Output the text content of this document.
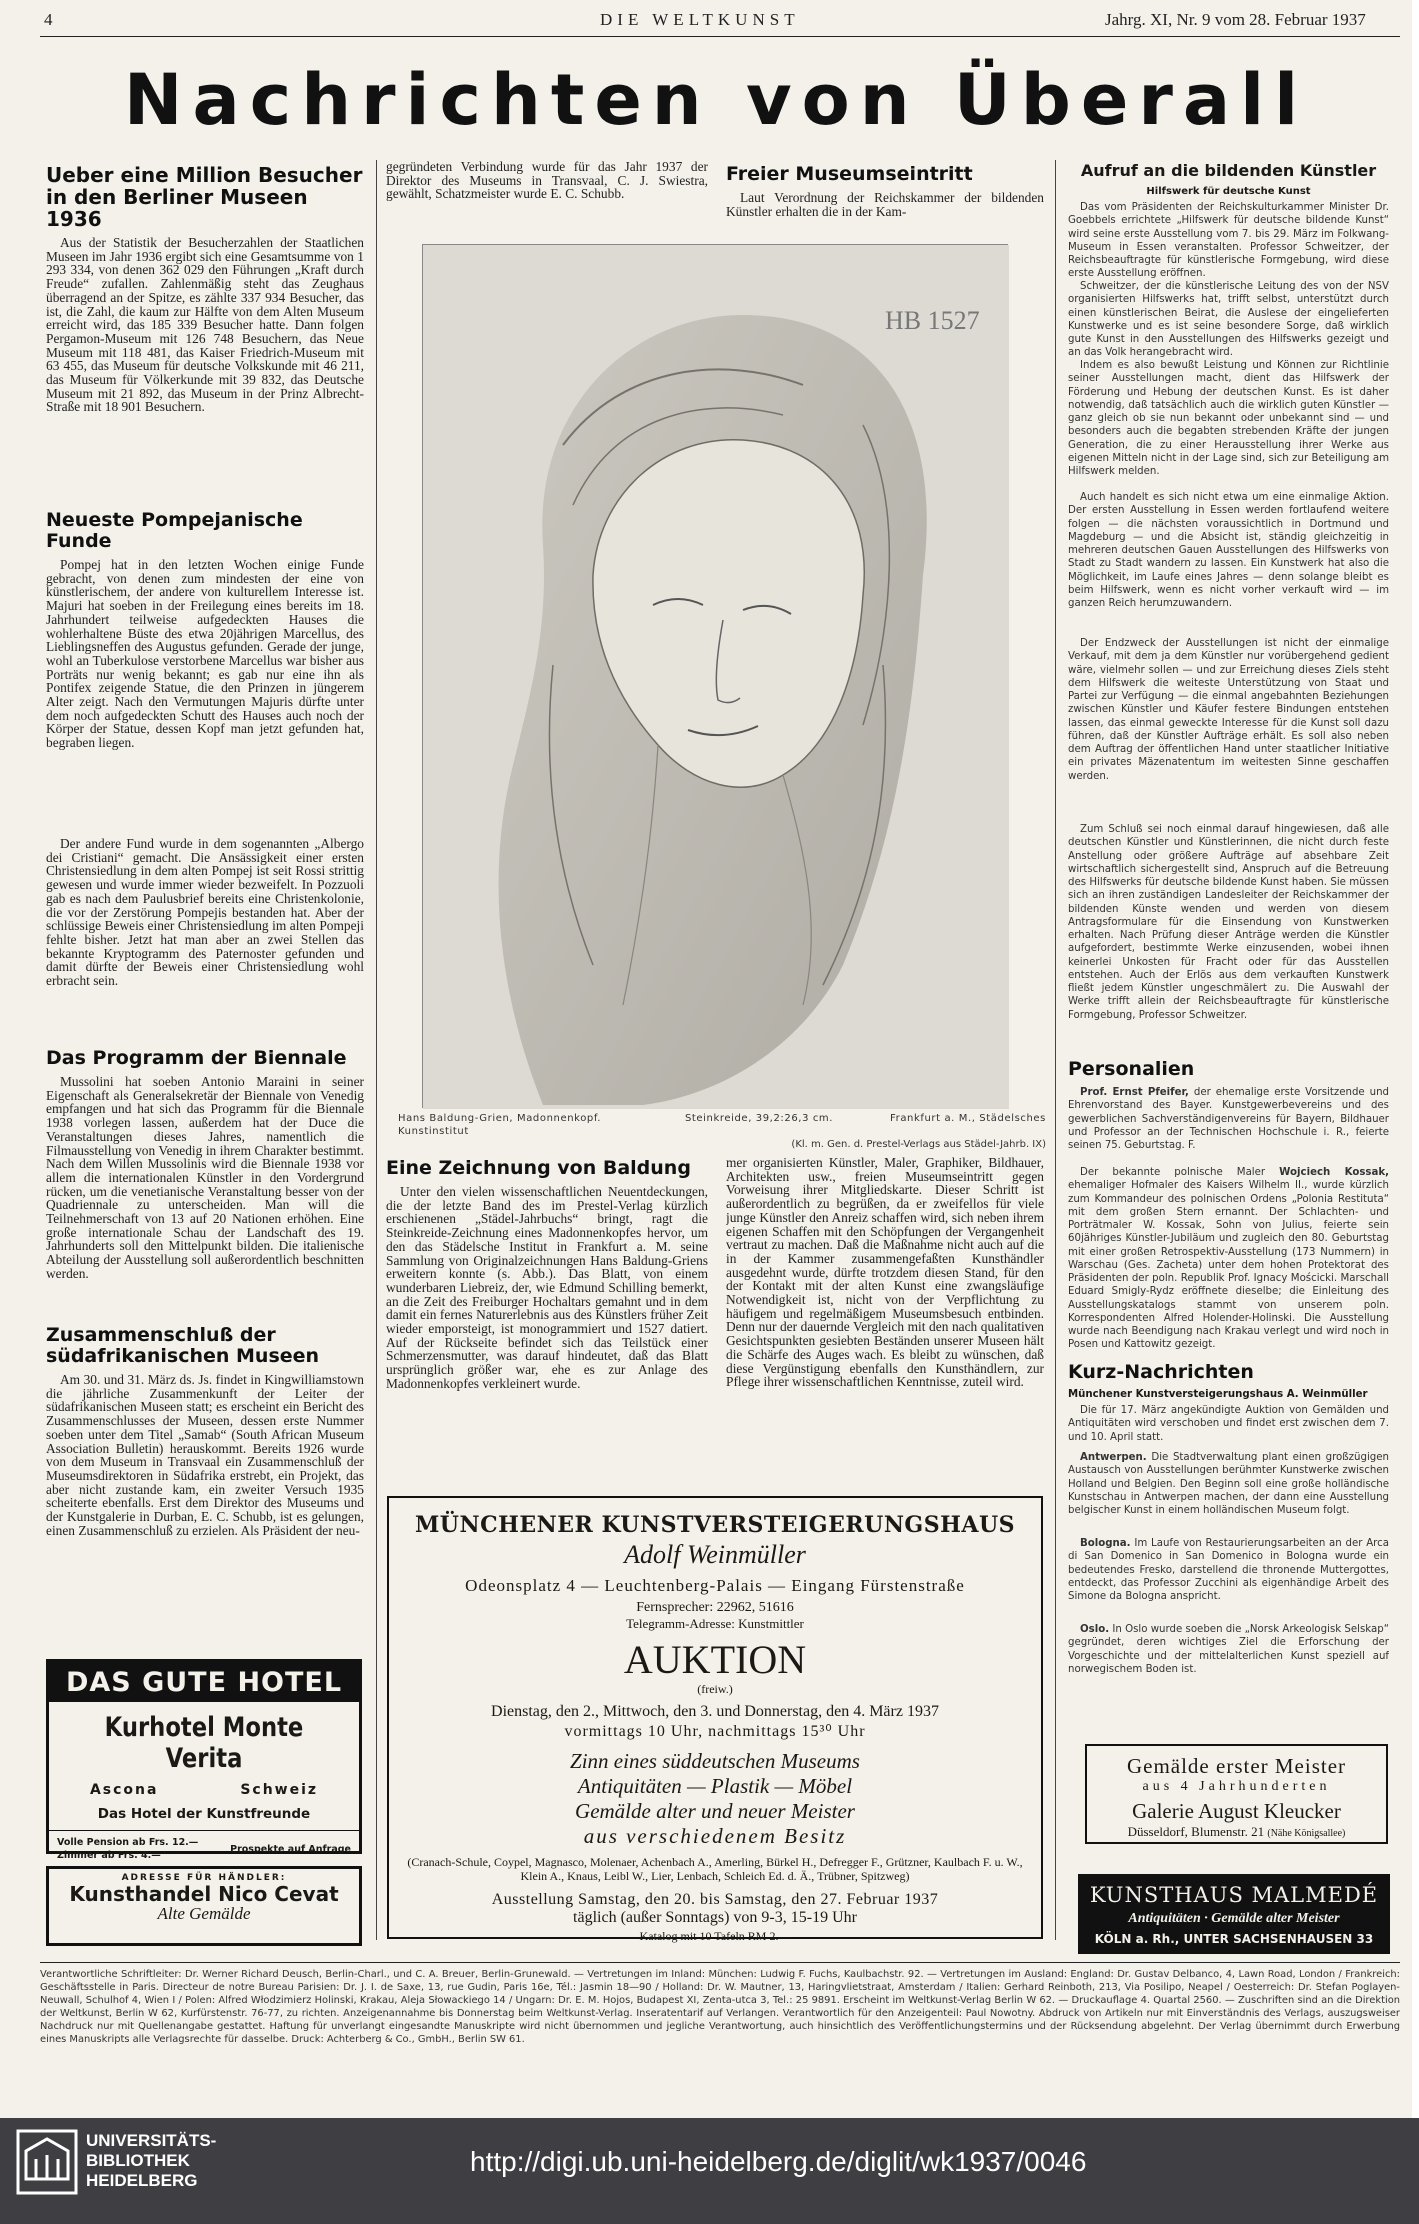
4	DIE WELTKUNST	Jahrg. XI, Nr. 9 vom 28. Februar 1937
Nachrichten von Überall
Ueber eine Million Besucher in den Berliner Museen 1936

Aus der Statistik der Besucherzahlen der Staatlichen Museen im Jahr 1936 ergibt sich eine Gesamtsumme von 1 293 334, von denen 362 029 den Führungen „Kraft durch Freude“ zufallen. Zahlenmäßig steht das Zeughaus überragend an der Spitze, es zählte 337 934 Besucher, das ist, die Zahl, die kaum zur Hälfte von dem Alten Museum erreicht wird, das 185 339 Besucher hatte. Dann folgen Pergamon-Museum mit 126 748 Besuchern, das Neue Museum mit 118 481, das Kaiser Friedrich-Museum mit 63 455, das Museum für deutsche Volkskunde mit 46 211, das Museum für Völkerkunde mit 39 832, das Deutsche Museum mit 21 892, das Museum in der Prinz Albrecht-Straße mit 18 901 Besuchern.

Neueste Pompejanische Funde

Pompej hat in den letzten Wochen einige Funde gebracht, von denen zum mindesten der eine von künstlerischem, der andere von kulturellem Interesse ist. Majuri hat soeben in der Freilegung eines bereits im 18. Jahrhundert teilweise aufgedeckten Hauses die wohlerhaltene Büste des etwa 20jährigen Marcellus, des Lieblingsneffen des Augustus gefunden. Gerade der junge, wohl an Tuberkulose verstorbene Marcellus war bisher aus Porträts nur wenig bekannt; es gab nur eine ihn als Pontifex zeigende Statue, die den Prinzen in jüngerem Alter zeigt. Nach den Vermutungen Majuris dürfte unter dem noch aufgedeckten Schutt des Hauses auch noch der Körper der Statue, dessen Kopf man jetzt gefunden hat, begraben liegen.

Der andere Fund wurde in dem sogenannten „Albergo dei Cristiani“ gemacht. Die Ansässigkeit einer ersten Christensiedlung in dem alten Pompej ist seit Rossi strittig gewesen und wurde immer wieder bezweifelt. In Pozzuoli gab es nach dem Paulusbrief bereits eine Christenkolonie, die vor der Zerstörung Pompejis bestanden hat. Aber der schlüssige Beweis einer Christensiedlung im alten Pompeji fehlte bisher. Jetzt hat man aber an zwei Stellen das bekannte Kryptogramm des Paternoster gefunden und damit dürfte der Beweis einer Christensiedlung wohl erbracht sein.

Das Programm der Biennale

Mussolini hat soeben Antonio Maraini in seiner Eigenschaft als Generalsekretär der Biennale von Venedig empfangen und hat sich das Programm für die Biennale 1938 vorlegen lassen, außerdem hat der Duce die Veranstaltungen dieses Jahres, namentlich die Filmausstellung von Venedig in ihrem Charakter bestimmt. Nach dem Willen Mussolinis wird die Biennale 1938 vor allem die internationalen Künstler in den Vordergrund rücken, um die venetianische Veranstaltung besser von der Quadriennale zu unterscheiden. Man will die Teilnehmerschaft von 13 auf 20 Nationen erhöhen. Eine große internationale Schau der Landschaft des 19. Jahrhunderts soll den Mittelpunkt bilden. Die italienische Abteilung der Ausstellung soll außerordentlich beschnitten werden.

Zusammenschluß der südafrikanischen Museen

Am 30. und 31. März ds. Js. findet in Kingwilliamstown die jährliche Zusammenkunft der Leiter der südafrikanischen Museen statt; es erscheint ein Bericht des Zusammenschlusses der Museen, dessen erste Nummer soeben unter dem Titel „Samab“ (South African Museum Association Bulletin) herauskommt. Bereits 1926 wurde von dem Museum in Transvaal ein Zusammenschluß der Museumsdirektoren in Südafrika erstrebt, ein Projekt, das aber nicht zustande kam, ein zweiter Versuch 1935 scheiterte ebenfalls. Erst dem Direktor des Museums und der Kunstgalerie in Durban, E. C. Schubb, ist es gelungen, einen Zusammenschluß zu erzielen. Als Präsident der neu-

DAS GUTE HOTEL
Kurhotel Monte Verita
Ascona	Schweiz
Das Hotel der Kunstfreunde
Volle Pension ab Frs. 12.—
Zimmer ab Frs. 4.—
Prospekte auf Anfrage
ADRESSE FÜR HÄNDLER:
Kunsthandel Nico Cevat
Alte Gemälde

gegründeten Verbindung wurde für das Jahr 1937 der Direktor des Museums in Transvaal, C. J. Swiestra, gewählt, Schatzmeister wurde E. C. Schubb.

Freier Museumseintritt

Laut Verordnung der Reichskammer der bildenden Künstler erhalten die in der Kam-

HB 1527
Hans Baldung-Grien, Madonnenkopf. Kunstinstitut
Steinkreide, 39,2:26,3 cm.	Frankfurt a. M., Städelsches
(Kl. m. Gen. d. Prestel-Verlags aus Städel-Jahrb. IX)
Eine Zeichnung von Baldung

Unter den vielen wissenschaftlichen Neuentdeckungen, die der letzte Band des im Prestel-Verlag kürzlich erschienenen „Städel-Jahrbuchs“ bringt, ragt die Steinkreide-Zeichnung eines Madonnenkopfes hervor, um den das Städelsche Institut in Frankfurt a. M. seine Sammlung von Originalzeichnungen Hans Baldung-Griens erweitern konnte (s. Abb.). Das Blatt, von einem wunderbaren Liebreiz, der, wie Edmund Schilling bemerkt, an die Zeit des Freiburger Hochaltars gemahnt und in dem damit ein fernes Naturerlebnis aus des Künstlers früher Zeit wieder emporsteigt, ist monogrammiert und 1527 datiert. Auf der Rückseite befindet sich das Teilstück einer Schmerzensmutter, was darauf hindeutet, daß das Blatt ursprünglich größer war, ehe es zur Anlage des Madonnenkopfes verkleinert wurde.

mer organisierten Künstler, Maler, Graphiker, Bildhauer, Architekten usw., freien Museumseintritt gegen Vorweisung ihrer Mitgliedskarte. Dieser Schritt ist außerordentlich zu begrüßen, da er zweifellos für viele junge Künstler den Anreiz schaffen wird, sich neben ihrem eigenen Schaffen mit den Schöpfungen der Vergangenheit vertraut zu machen. Daß die Maßnahme nicht auch auf die in der Kammer zusammengefaßten Kunsthändler ausgedehnt wurde, dürfte trotzdem diesen Stand, für den der Kontakt mit der alten Kunst eine zwangsläufige Notwendigkeit ist, nicht von der Verpflichtung zu häufigem und regelmäßigem Museumsbesuch entbinden. Denn nur der dauernde Vergleich mit den nach qualitativen Gesichtspunkten gesiebten Beständen unserer Museen hält die Schärfe des Auges wach. Es bleibt zu wünschen, daß diese Vergünstigung ebenfalls den Kunsthändlern, zur Pflege ihrer wissenschaftlichen Kenntnisse, zuteil wird.

MÜNCHENER KUNSTVERSTEIGERUNGSHAUS
Adolf Weinmüller
Odeonsplatz 4 — Leuchtenberg-Palais — Eingang Fürstenstraße
Fernsprecher: 22962, 51616
Telegramm-Adresse: Kunstmittler
AUKTION
(freiw.)
Dienstag, den 2., Mittwoch, den 3. und Donnerstag, den 4. März 1937
vormittags 10 Uhr, nachmittags 15³⁰ Uhr
Zinn eines süddeutschen Museums
Antiquitäten — Plastik — Möbel
Gemälde alter und neuer Meister
aus verschiedenem Besitz
(Cranach-Schule, Coypel, Magnasco, Molenaer, Achenbach A., Amerling, Bürkel H., Defregger F., Grützner, Kaulbach F. u. W., Klein A., Knaus, Leibl W., Lier, Lenbach, Schleich Ed. d. Ä., Trübner, Spitzweg)
Ausstellung Samstag, den 20. bis Samstag, den 27. Februar 1937
täglich (außer Sonntags) von 9-3, 15-19 Uhr
Katalog mit 10 Tafeln RM 2.—
Aufruf an die bildenden Künstler
Hilfswerk für deutsche Kunst

Das vom Präsidenten der Reichskulturkammer Minister Dr. Goebbels errichtete „Hilfswerk für deutsche bildende Kunst“ wird seine erste Ausstellung vom 7. bis 29. März im Folkwang-Museum in Essen veranstalten. Professor Schweitzer, der Reichsbeauftragte für künstlerische Formgebung, wird diese erste Ausstellung eröffnen.

Schweitzer, der die künstlerische Leitung des von der NSV organisierten Hilfswerks hat, trifft selbst, unterstützt durch einen künstlerischen Beirat, die Auslese der eingelieferten Kunstwerke und es ist seine besondere Sorge, daß wirklich gute Kunst in den Ausstellungen des Hilfswerks gezeigt und an das Volk herangebracht wird.

Indem es also bewußt Leistung und Können zur Richtlinie seiner Ausstellungen macht, dient das Hilfswerk der Förderung und Hebung der deutschen Kunst. Es ist daher notwendig, daß tatsächlich auch die wirklich guten Künstler — ganz gleich ob sie nun bekannt oder unbekannt sind — und besonders auch die begabten strebenden Kräfte der jungen Generation, die zu einer Herausstellung ihrer Werke aus eigenen Mitteln nicht in der Lage sind, sich zur Beteiligung am Hilfswerk melden.

Auch handelt es sich nicht etwa um eine einmalige Aktion. Der ersten Ausstellung in Essen werden fortlaufend weitere folgen — die nächsten voraussichtlich in Dortmund und Magdeburg — und die Absicht ist, ständig gleichzeitig in mehreren deutschen Gauen Ausstellungen des Hilfswerks von Stadt zu Stadt wandern zu lassen. Ein Kunstwerk hat also die Möglichkeit, im Laufe eines Jahres — denn solange bleibt es beim Hilfswerk, wenn es nicht vorher verkauft wird — im ganzen Reich herumzuwandern.

Der Endzweck der Ausstellungen ist nicht der einmalige Verkauf, mit dem ja dem Künstler nur vorübergehend gedient wäre, vielmehr sollen — und zur Erreichung dieses Ziels steht dem Hilfswerk die weiteste Unterstützung von Staat und Partei zur Verfügung — die einmal angebahnten Beziehungen zwischen Künstler und Käufer festere Bindungen entstehen lassen, das einmal geweckte Interesse für die Kunst soll dazu führen, daß der Künstler Aufträge erhält. Es soll also neben dem Auftrag der öffentlichen Hand unter staatlicher Initiative ein privates Mäzenatentum im weitesten Sinne geschaffen werden.

Zum Schluß sei noch einmal darauf hingewiesen, daß alle deutschen Künstler und Künstlerinnen, die nicht durch feste Anstellung oder größere Aufträge auf absehbare Zeit wirtschaftlich sichergestellt sind, Anspruch auf die Betreuung des Hilfswerks für deutsche bildende Kunst haben. Sie müssen sich an ihren zuständigen Landesleiter der Reichskammer der bildenden Künste wenden und werden von diesem Antragsformulare für die Einsendung von Kunstwerken erhalten. Nach Prüfung dieser Anträge werden die Künstler aufgefordert, bestimmte Werke einzusenden, wobei ihnen keinerlei Unkosten für Fracht oder für das Ausstellen entstehen. Auch der Erlös aus dem verkauften Kunstwerk fließt jedem Künstler ungeschmälert zu. Die Auswahl der Werke trifft allein der Reichsbeauftragte für künstlerische Formgebung, Professor Schweitzer.

Personalien

Prof. Ernst Pfeifer, der ehemalige erste Vorsitzende und Ehrenvorstand des Bayer. Kunstgewerbevereins und des gewerblichen Sachverständigenvereins für Bayern, Bildhauer und Professor an der Technischen Hochschule i. R., feierte seinen 75. Geburtstag. F.

Der bekannte polnische Maler Wojciech Kossak, ehemaliger Hofmaler des Kaisers Wilhelm II., wurde kürzlich zum Kommandeur des polnischen Ordens „Polonia Restituta“ mit dem großen Stern ernannt. Der Schlachten- und Porträtmaler W. Kossak, Sohn von Julius, feierte sein 60jähriges Künstler-Jubiläum und zugleich den 80. Geburtstag mit einer großen Retrospektiv-Ausstellung (173 Nummern) in Warschau (Ges. Zacheta) unter dem hohen Protektorat des Präsidenten der poln. Republik Prof. Ignacy Mościcki. Marschall Eduard Smigly-Rydz eröffnete dieselbe; die Einleitung des Ausstellungskatalogs stammt von unserem poln. Korrespondenten Alfred Holender-Holinski. Die Ausstellung wurde nach Beendigung nach Krakau verlegt und wird noch in Posen und Kattowitz gezeigt.

Kurz-Nachrichten
Münchener Kunstversteigerungshaus A. Weinmüller

Die für 17. März angekündigte Auktion von Gemälden und Antiquitäten wird verschoben und findet erst zwischen dem 7. und 10. April statt.

Antwerpen. Die Stadtverwaltung plant einen großzügigen Austausch von Ausstellungen berühmter Kunstwerke zwischen Holland und Belgien. Den Beginn soll eine große holländische Kunstschau in Antwerpen machen, der dann eine Ausstellung belgischer Kunst in einem holländischen Museum folgt.

Bologna. Im Laufe von Restaurierungsarbeiten an der Arca di San Domenico in San Domenico in Bologna wurde ein bedeutendes Fresko, darstellend die thronende Muttergottes, entdeckt, das Professor Zucchini als eigenhändige Arbeit des Simone da Bologna anspricht.

Oslo. In Oslo wurde soeben die „Norsk Arkeologisk Selskap“ gegründet, deren wichtiges Ziel die Erforschung der Vorgeschichte und der mittelalterlichen Kunst speziell auf norwegischem Boden ist.

Gemälde erster Meister
aus 4 Jahrhunderten
Galerie August Kleucker
Düsseldorf, Blumenstr. 21 (Nähe Königsallee)
KUNSTHAUS MALMEDÉ
Antiquitäten · Gemälde alter Meister
KÖLN a. Rh., UNTER SACHSENHAUSEN 33
Verantwortliche Schriftleiter: Dr. Werner Richard Deusch, Berlin-Charl., und C. A. Breuer, Berlin-Grunewald. — Vertretungen im Inland: München: Ludwig F. Fuchs, Kaulbachstr. 92. — Vertretungen im Ausland: England: Dr. Gustav Delbanco, 4, Lawn Road, London / Frankreich: Geschäftsstelle in Paris. Directeur de notre Bureau Parisien: Dr. J. I. de Saxe, 13, rue Gudin, Paris 16e, Tél.: Jasmin 18—90 / Holland: Dr. W. Mautner, 13, Haringvlietstraat, Amsterdam / Italien: Gerhard Reinboth, 213, Via Posilipo, Neapel / Oesterreich: Dr. Stefan Poglayen-Neuwall, Schulhof 4, Wien I / Polen: Alfred Włodzimierz Holinski, Krakau, Aleja Słowackiego 14 / Ungarn: Dr. E. M. Hojos, Budapest XI, Zenta-utca 3, Tel.: 25 9891. Erscheint im Weltkunst-Verlag Berlin W 62. — Druckauflage 4. Quartal 2560. — Zuschriften sind an die Direktion der Weltkunst, Berlin W 62, Kurfürstenstr. 76-77, zu richten. Anzeigenannahme bis Donnerstag beim Weltkunst-Verlag. Inseratentarif auf Verlangen. Verantwortlich für den Anzeigenteil: Paul Nowotny. Abdruck von Artikeln nur mit Einverständnis des Verlags, auszugsweiser Nachdruck nur mit Quellenangabe gestattet. Haftung für unverlangt eingesandte Manuskripte wird nicht übernommen und jegliche Verantwortung, auch hinsichtlich des Veröffentlichungstermins und der Rücksendung abgelehnt. Der Verlag übernimmt durch Erwerbung eines Manuskripts alle Verlagsrechte für dasselbe. Druck: Achterberg & Co., GmbH., Berlin SW 61.
UNIVERSITÄTS-
BIBLIOTHEK
HEIDELBERG
http://digi.ub.uni-heidelberg.de/diglit/wk1937/0046
